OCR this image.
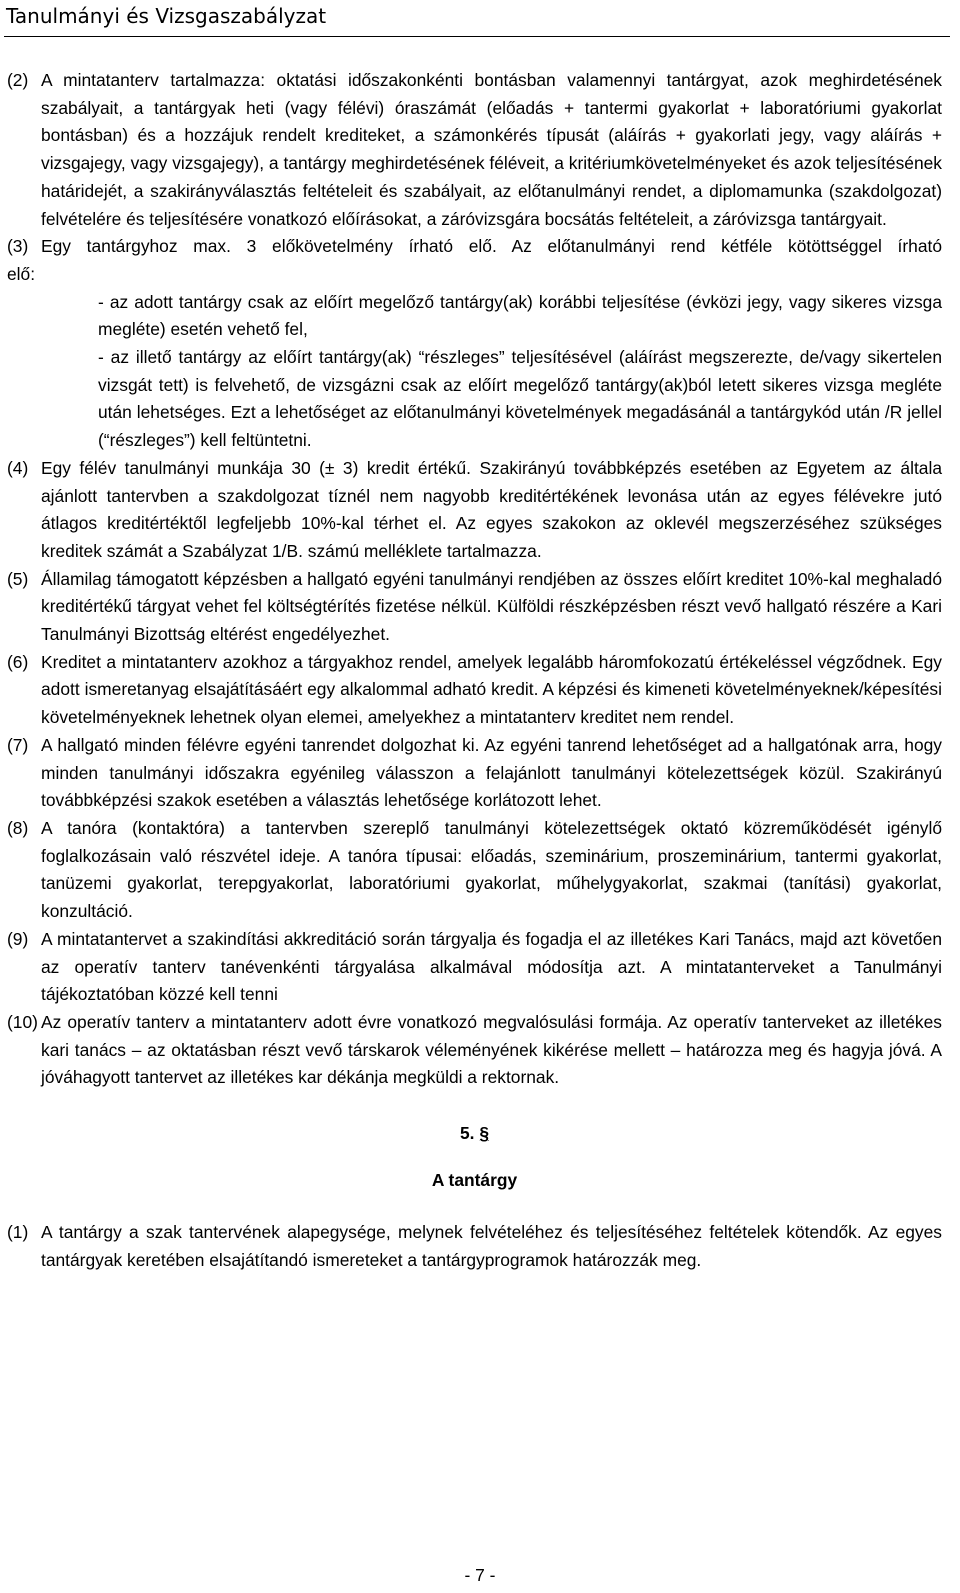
Tanulmányi és Vizsgaszabályzat
(2) A mintatanterv tartalmazza: oktatási időszakonkénti bontásban valamennyi tantárgyat, azok meghirdetésének szabályait, a tantárgyak heti (vagy félévi) óraszámát (előadás + tantermi gyakorlat + laboratóriumi gyakorlat bontásban) és a hozzájuk rendelt krediteket, a számonkérés típusát (aláírás + gyakorlati jegy, vagy aláírás + vizsgajegy, vagy vizsgajegy), a tantárgy meghirdetésének féléveit, a kritériumkövetelményeket és azok teljesítésének határidejét, a szakirányválasztás feltételeit és szabályait, az előtanulmányi rendet, a diplomamunka (szakdolgozat) felvételére és teljesítésére vonatkozó előírásokat, a záróvizsgára bocsátás feltételeit, a záróvizsga tantárgyait.
(3) Egy tantárgyhoz max. 3 előkövetelmény írható elő. Az előtanulmányi rend kétféle kötöttséggel írható
elő:
- az adott tantárgy csak az előírt megelőző tantárgy(ak) korábbi teljesítése (évközi jegy, vagy sikeres vizsga megléte) esetén vehető fel,
- az illető tantárgy az előírt tantárgy(ak) “részleges” teljesítésével (aláírást megszerezte, de/vagy sikertelen vizsgát tett) is felvehető, de vizsgázni csak az előírt megelőző tantárgy(ak)ból letett sikeres vizsga megléte után lehetséges. Ezt a lehetőséget az előtanulmányi követelmények megadásánál a tantárgykód után /R jellel (“részleges”) kell feltüntetni.
(4) Egy félév tanulmányi munkája 30 (± 3) kredit értékű. Szakirányú továbbképzés esetében az Egyetem az általa ajánlott tantervben a szakdolgozat tíznél nem nagyobb kreditértékének levonása után az egyes félévekre jutó átlagos kreditértéktől legfeljebb 10%-kal térhet el. Az egyes szakokon az oklevél megszerzéséhez szükséges kreditek számát a Szabályzat 1/B. számú melléklete tartalmazza.
(5) Államilag támogatott képzésben a hallgató egyéni tanulmányi rendjében az összes előírt kreditet 10%-kal meghaladó kreditértékű tárgyat vehet fel költségtérítés fizetése nélkül. Külföldi részképzésben részt vevő hallgató részére a Kari Tanulmányi Bizottság eltérést engedélyezhet.
(6) Kreditet a mintatanterv azokhoz a tárgyakhoz rendel, amelyek legalább háromfokozatú értékeléssel végződnek. Egy adott ismeretanyag elsajátításáért egy alkalommal adható kredit. A képzési és kimeneti követelményeknek/képesítési követelményeknek lehetnek olyan elemei, amelyekhez a mintatanterv kreditet nem rendel.
(7) A hallgató minden félévre egyéni tanrendet dolgozhat ki. Az egyéni tanrend lehetőséget ad a hallgatónak arra, hogy minden tanulmányi időszakra egyénileg válasszon a felajánlott tanulmányi kötelezettségek közül. Szakirányú továbbképzési szakok esetében a választás lehetősége korlátozott lehet.
(8) A tanóra (kontaktóra) a tantervben szereplő tanulmányi kötelezettségek oktató közreműködését igénylő foglalkozásain való részvétel ideje. A tanóra típusai: előadás, szeminárium, proszeminárium, tantermi gyakorlat, tanüzemi gyakorlat, terepgyakorlat, laboratóriumi gyakorlat, műhelygyakorlat, szakmai (tanítási) gyakorlat, konzultáció.
(9) A mintatantervet a szakindítási akkreditáció során tárgyalja és fogadja el az illetékes Kari Tanács, majd azt követően az operatív tanterv tanévenkénti tárgyalása alkalmával módosítja azt. A mintatanterveket a Tanulmányi tájékoztatóban közzé kell tenni
(10) Az operatív tanterv a mintatanterv adott évre vonatkozó megvalósulási formája. Az operatív tanterveket az illetékes kari tanács – az oktatásban részt vevő társkarok véleményének kikérése mellett – határozza meg és hagyja jóvá. A jóváhagyott tantervet az illetékes kar dékánja megküldi a rektornak.
5. §
A tantárgy
(1) A tantárgy a szak tantervének alapegysége, melynek felvételéhez és teljesítéséhez feltételek kötendők. Az egyes tantárgyak keretében elsajátítandó ismereteket a tantárgyprogramok határozzák meg.
- 7 -
